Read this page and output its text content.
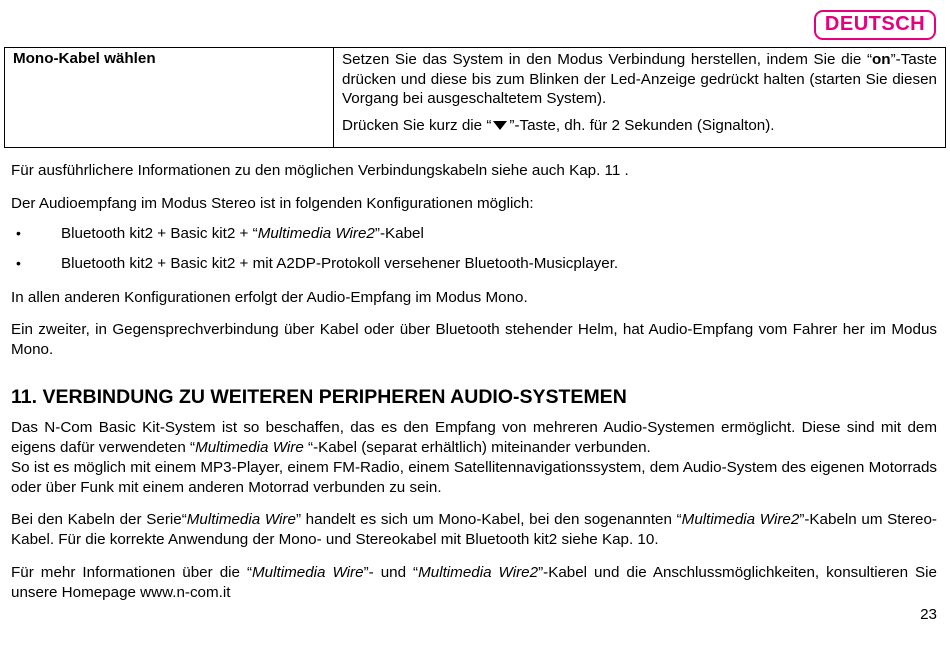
DEUTSCH
Mono-Kabel wählen	Setzen Sie das System in den Modus Verbindung herstellen, indem Sie die “on”-Taste drücken und diese bis zum Blinken der Led-Anzeige gedrückt halten (starten Sie diesen Vorgang bei ausgeschaltetem System).
Drücken Sie kurz die “ ”-Taste, dh. für 2 Sekunden (Signalton).

Für ausführlichere Informationen zu den möglichen Verbindungskabeln siehe auch Kap. 11 .

Der Audioempfang im Modus Stereo ist in folgenden Konfigurationen möglich:

•	Bluetooth kit2 + Basic kit2 + “Multimedia Wire2”-Kabel

•	Bluetooth kit2 + Basic kit2 + mit A2DP-Protokoll versehener Bluetooth-Musicplayer.

In allen anderen Konfigurationen erfolgt der Audio-Empfang im Modus Mono.

Ein zweiter, in Gegensprechverbindung über Kabel oder über Bluetooth stehender Helm, hat Audio-Empfang vom Fahrer her im Modus Mono.

11. VERBINDUNG ZU WEITEREN PERIPHEREN AUDIO-SYSTEMEN

Das N-Com Basic Kit-System ist so beschaffen, das es den Empfang von mehreren Audio-Systemen ermöglicht. Diese sind mit dem eigens dafür verwendeten “Multimedia Wire “-Kabel (separat erhältlich) miteinander verbunden.

So ist es möglich mit einem MP3-Player, einem FM-Radio, einem Satellitennavigationssystem, dem Audio-System des eigenen Motorrads oder über Funk mit einem anderen Motorrad verbunden zu sein.

Bei den Kabeln der Serie“Multimedia Wire” handelt es sich um Mono-Kabel, bei den sogenannten “Multimedia Wire2”-Kabeln um Stereo-Kabel. Für die korrekte Anwendung der Mono- und Stereokabel mit Bluetooth kit2 siehe Kap. 10.

Für mehr Informationen über die “Multimedia Wire”- und “Multimedia Wire2”-Kabel und die Anschlussmöglichkeiten, konsultieren Sie unsere Homepage www.n-com.it

23
